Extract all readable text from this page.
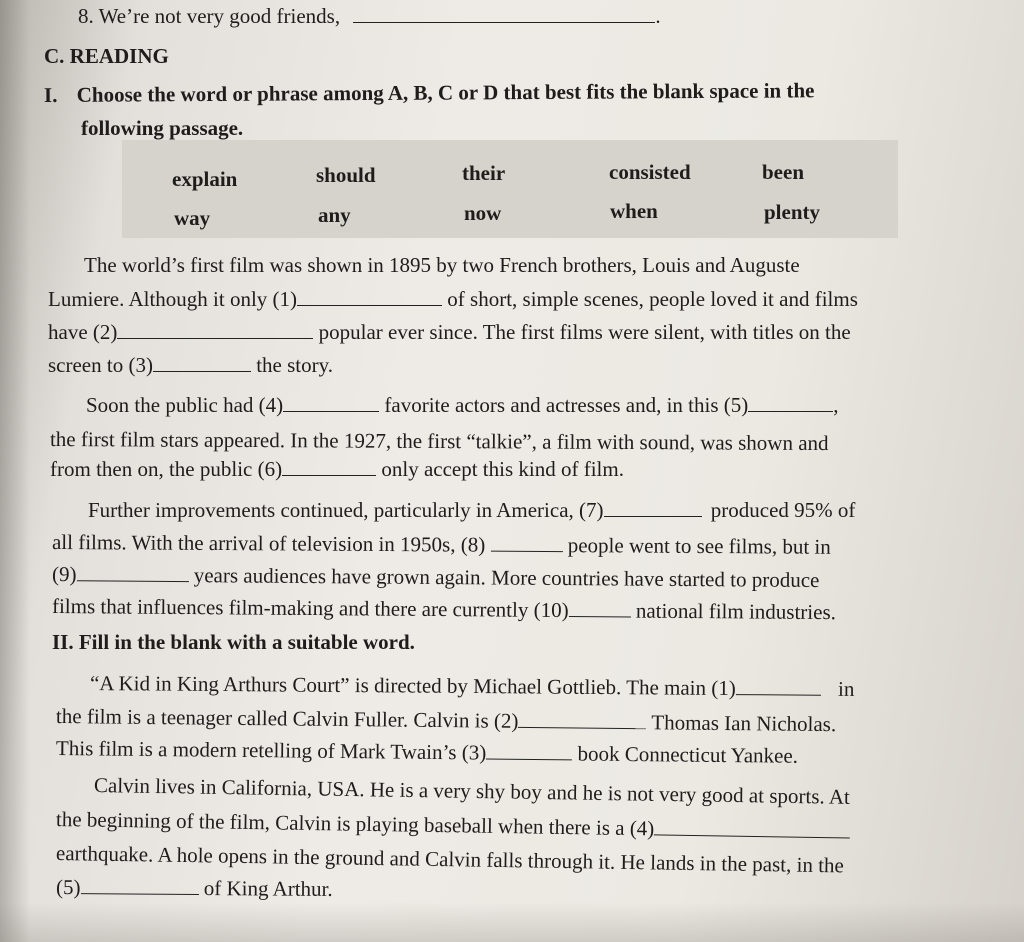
8. We’re not very good friends,	.
C. READING
I. Choose the word or phrase among A, B, C or D that best fits the blank space in the
following passage.
explain	should	their	consisted	been
way	any	now	when	plenty
The world’s first film was shown in 1895 by two French brothers, Louis and Auguste
Lumiere. Although it only (1)	of short, simple scenes, people loved it and films
have (2)	popular ever since. The first films were silent, with titles on the
screen to (3)	the story.
Soon the public had (4)	favorite actors and actresses and, in this (5)	,
the first film stars appeared. In the 1927, the first “talkie”, a film with sound, was shown and
from then on, the public (6)	only accept this kind of film.
Further improvements continued, particularly in America, (7)	produced 95% of
all films. With the arrival of television in 1950s, (8)	people went to see films, but in
(9)	years audiences have grown again. More countries have started to produce
films that influences film-making and there are currently (10)	national film industries.
II. Fill in the blank with a suitable word.
“A Kid in King Arthurs Court” is directed by Michael Gottlieb. The main (1)	in
the film is a teenager called Calvin Fuller. Calvin is (2)	Thomas Ian Nicholas.
This film is a modern retelling of Mark Twain’s (3)	book Connecticut Yankee.
Calvin lives in California, USA. He is a very shy boy and he is not very good at sports. At
the beginning of the film, Calvin is playing baseball when there is a (4)
earthquake. A hole opens in the ground and Calvin falls through it. He lands in the past, in the
(5)	of King Arthur.
